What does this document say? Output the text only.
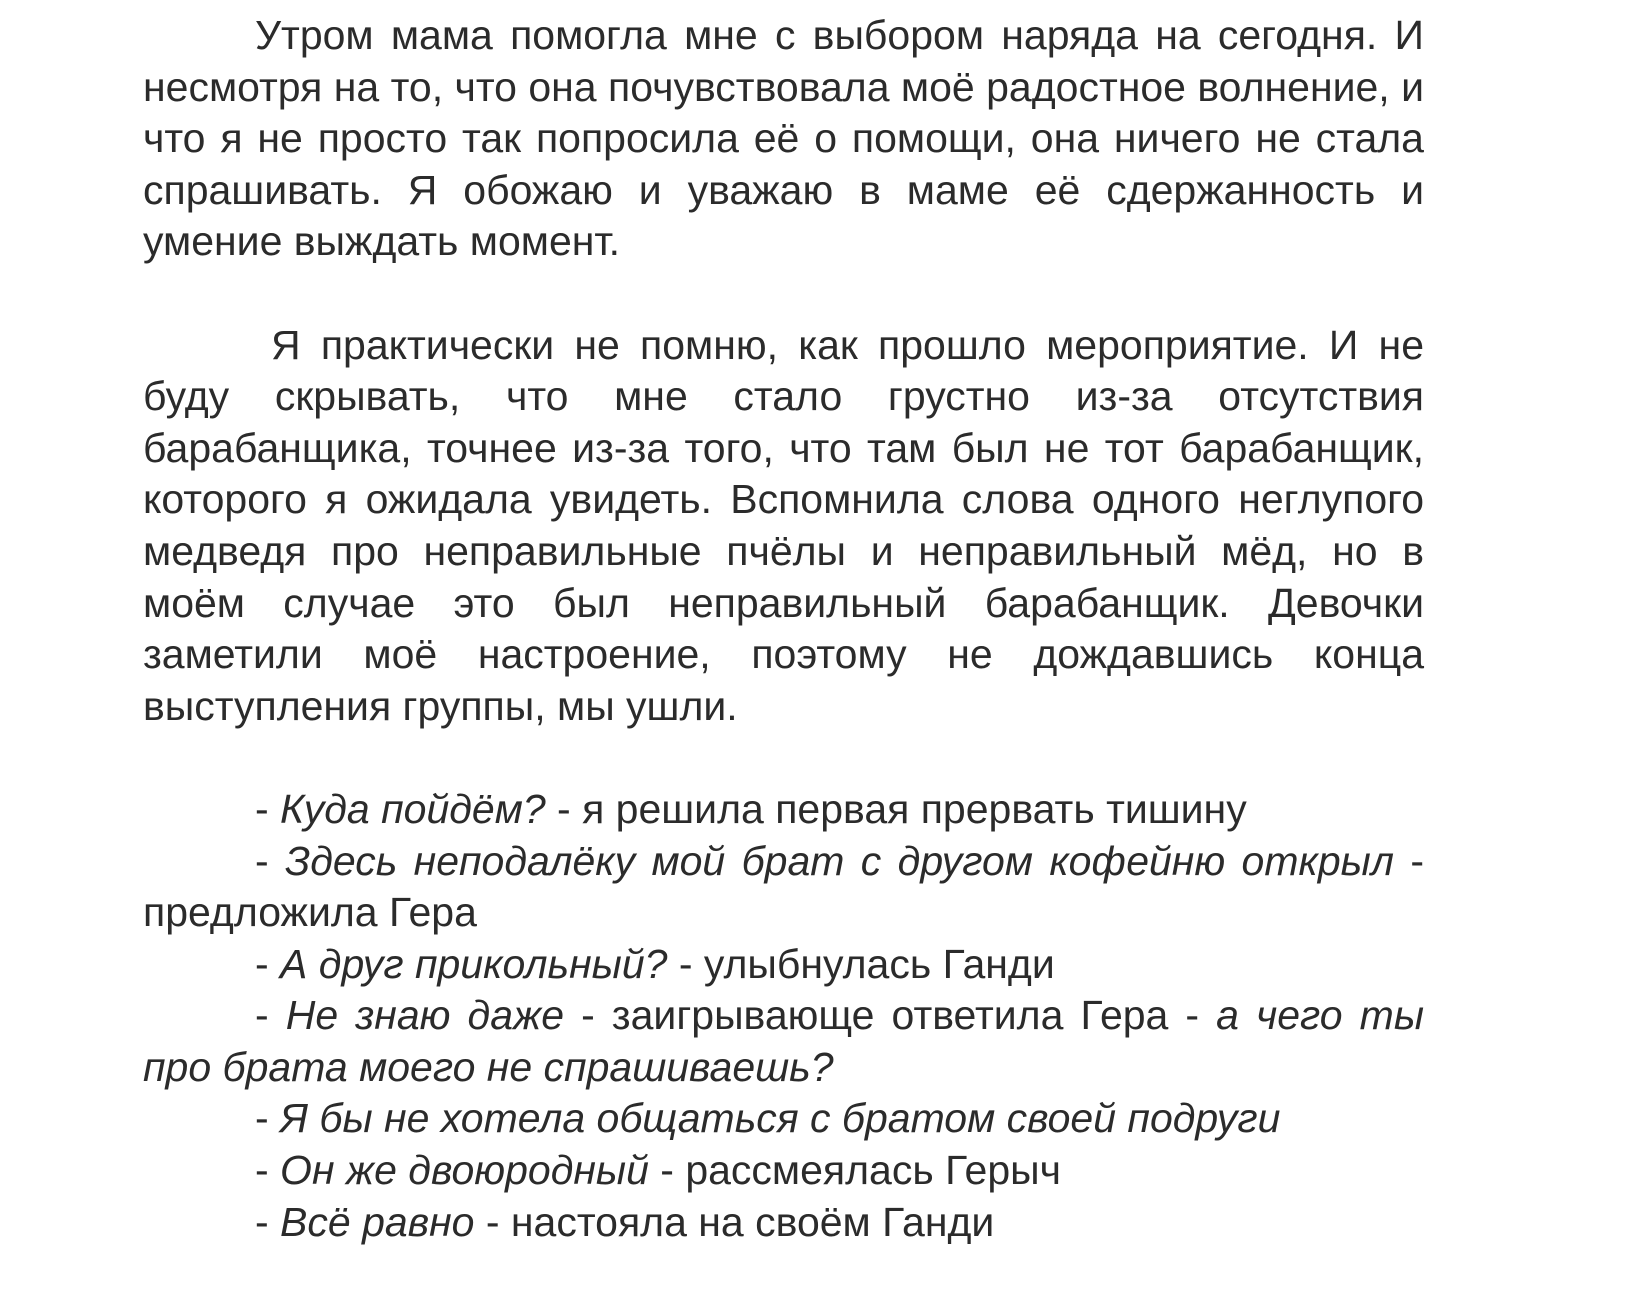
Утром мама помогла мне с выбором наряда на сегодня. И несмотря на то, что она почувствовала моё радостное волнение, и что я не просто так попросила её о помощи, она ничего не стала спрашивать. Я обожаю и уважаю в маме её сдержанность и умение выждать момент.

Я практически не помню, как прошло мероприятие. И не буду скрывать, что мне стало грустно из-за отсутствия барабанщика, точнее из-за того, что там был не тот барабанщик, которого я ожидала увидеть. Вспомнила слова одного неглупого медведя про неправильные пчёлы и неправильный мёд, но в моём случае это был неправильный барабанщик. Девочки заметили моё настроение, поэтому не дождавшись конца выступления группы, мы ушли.

- Куда пойдём? - я решила первая прервать тишину

- Здесь неподалёку мой брат с другом кофейню открыл - предложила Гера

- А друг прикольный? - улыбнулась Ганди

- Не знаю даже - заигрывающе ответила Гера - а чего ты про брата моего не спрашиваешь?

- Я бы не хотела общаться с братом своей подруги

- Он же двоюродный - рассмеялась Герыч

- Всё равно - настояла на своём Ганди
